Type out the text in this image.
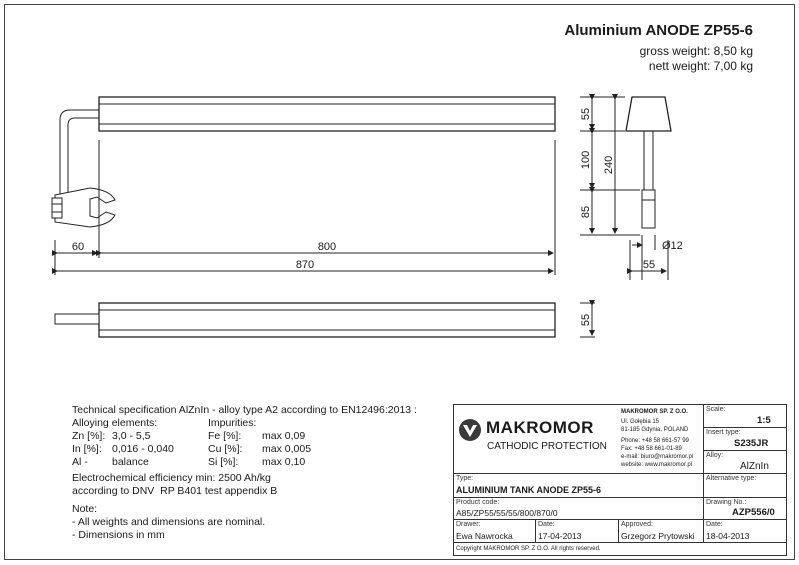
Aluminium ANODE ZP55-6
gross weight: 8,50 kg
nett weight: 7,00 kg
60	800
870
55
100 240
85
Ø12
55
55
Technical specification AlZnIn - alloy type A2 according to EN12496:2013 :
Alloying elements:	Impurities:
Zn [%]: 3,0 - 5,5
In [%]: 0,016 - 0,040
Al - balance
Fe [%]: max 0,09
Cu [%]: max 0,005
Si [%]: max 0,10
Electrochemical efficiency min: 2500 Ah/kg
according to DNV  RP B401 test appendix B
Note:
- All weights and dimensions are nominal.
- Dimensions in mm
MAKROMOR
CATHODIC PROTECTION
MAKROMOR SP. Z O.O.
Ul. Gołębia 15
81-185 Gdynia, POLAND
Phone: +48 58 661-57 99
Fax: +48 58 661-01-89
e-mail: biuro@makromor.pl
website: www.makromor.pl
Scale:
1:5
Insert type:
S235JR
Alloy:
AlZnIn
Type:
ALUMINIUM TANK ANODE ZP55-6
Alternative type:
Product code:
A85/ZP55/55/55/800/870/0
Drawing No.:
AZP556/0
Drawer:
Ewa Nawrocka
Date:
17-04-2013
Approved:
Grzegorz Prytowski
Date:
18-04-2013
Copyright MAKROMOR SP. Z O.O. All rights reserved.
